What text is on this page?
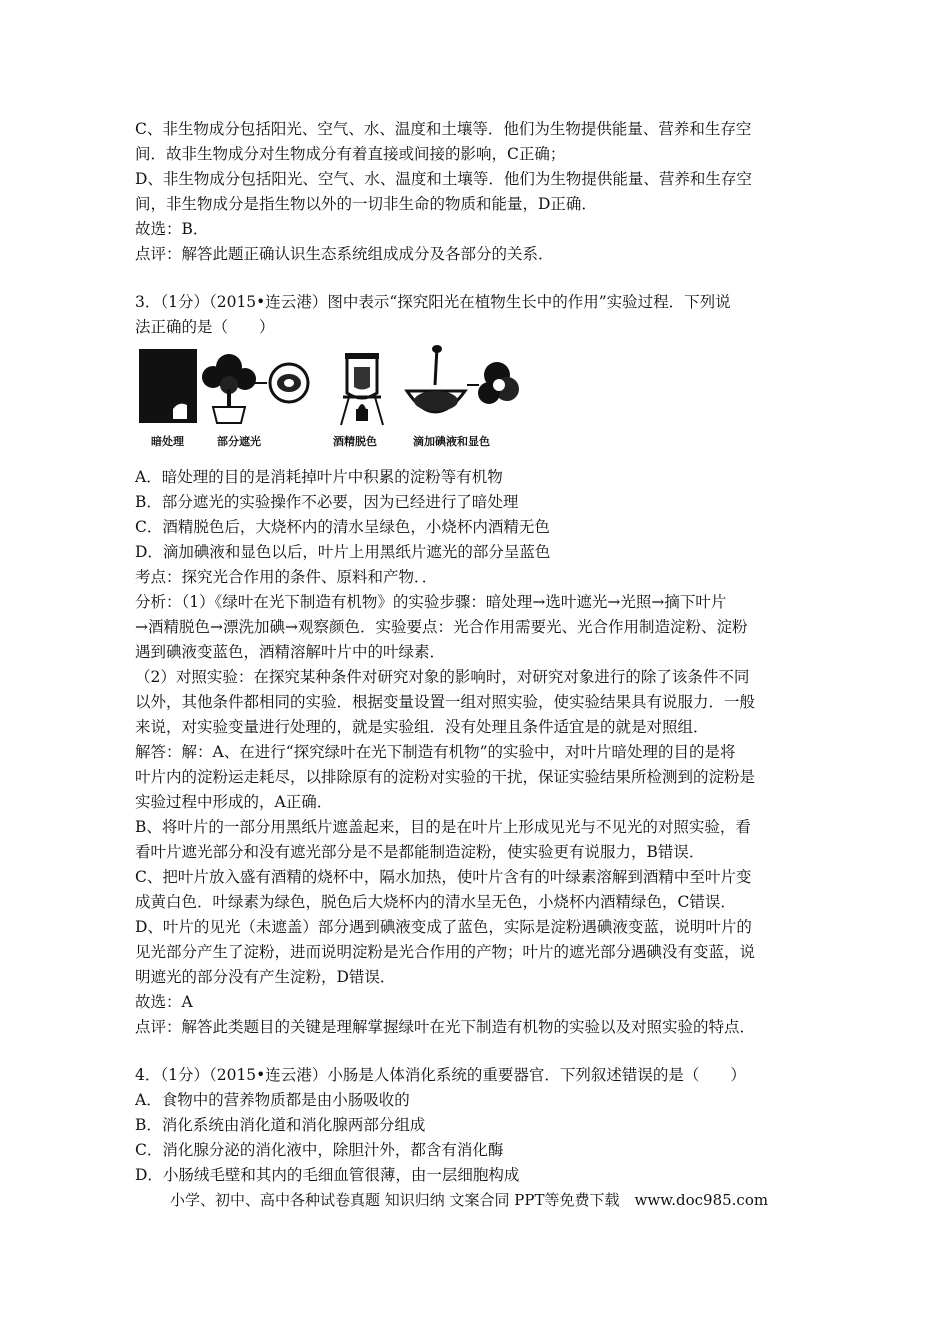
C、非生物成分包括阳光、空气、水、温度和土壤等．他们为生物提供能量、营养和生存空
间．故非生物成分对生物成分有着直接或间接的影响，C正确；
D、非生物成分包括阳光、空气、水、温度和土壤等．他们为生物提供能量、营养和生存空
间，非生物成分是指生物以外的一切非生命的物质和能量，D正确．
故选：B．
点评：解答此题正确认识生态系统组成成分及各部分的关系．
3．（1分）（2015•连云港）图中表示“探究阳光在植物生长中的作用”实验过程．下列说
法正确的是（　　）
暗处理	部分遮光	酒精脱色	滴加碘液和显色
A．暗处理的目的是消耗掉叶片中积累的淀粉等有机物
B．部分遮光的实验操作不必要，因为已经进行了暗处理
C．酒精脱色后，大烧杯内的清水呈绿色，小烧杯内酒精无色
D．滴加碘液和显色以后，叶片上用黑纸片遮光的部分呈蓝色
考点：探究光合作用的条件、原料和产物．．
分析：（1）《绿叶在光下制造有机物》的实验步骤：暗处理→选叶遮光→光照→摘下叶片
→酒精脱色→漂洗加碘→观察颜色．实验要点：光合作用需要光、光合作用制造淀粉、淀粉
遇到碘液变蓝色，酒精溶解叶片中的叶绿素．
（2）对照实验：在探究某种条件对研究对象的影响时，对研究对象进行的除了该条件不同
以外，其他条件都相同的实验．根据变量设置一组对照实验，使实验结果具有说服力．一般
来说，对实验变量进行处理的，就是实验组．没有处理且条件适宜是的就是对照组．
解答：解：A、在进行“探究绿叶在光下制造有机物”的实验中，对叶片暗处理的目的是将
叶片内的淀粉运走耗尽，以排除原有的淀粉对实验的干扰，保证实验结果所检测到的淀粉是
实验过程中形成的，A正确．
B、将叶片的一部分用黑纸片遮盖起来，目的是在叶片上形成见光与不见光的对照实验，看
看叶片遮光部分和没有遮光部分是不是都能制造淀粉，使实验更有说服力，B错误．
C、把叶片放入盛有酒精的烧杯中，隔水加热，使叶片含有的叶绿素溶解到酒精中至叶片变
成黄白色．叶绿素为绿色，脱色后大烧杯内的清水呈无色，小烧杯内酒精绿色，C错误．
D、叶片的见光（未遮盖）部分遇到碘液变成了蓝色，实际是淀粉遇碘液变蓝，说明叶片的
见光部分产生了淀粉，进而说明淀粉是光合作用的产物；叶片的遮光部分遇碘没有变蓝，说
明遮光的部分没有产生淀粉，D错误．
故选：A
点评：解答此类题目的关键是理解掌握绿叶在光下制造有机物的实验以及对照实验的特点．
4．（1分）（2015•连云港）小肠是人体消化系统的重要器官．下列叙述错误的是（　　）
A．食物中的营养物质都是由小肠吸收的
B．消化系统由消化道和消化腺两部分组成
C．消化腺分泌的消化液中，除胆汁外，都含有消化酶
D．小肠绒毛壁和其内的毛细血管很薄，由一层细胞构成
小学、初中、高中各种试卷真题 知识归纳 文案合同 PPT等免费下载　www.doc985.com
